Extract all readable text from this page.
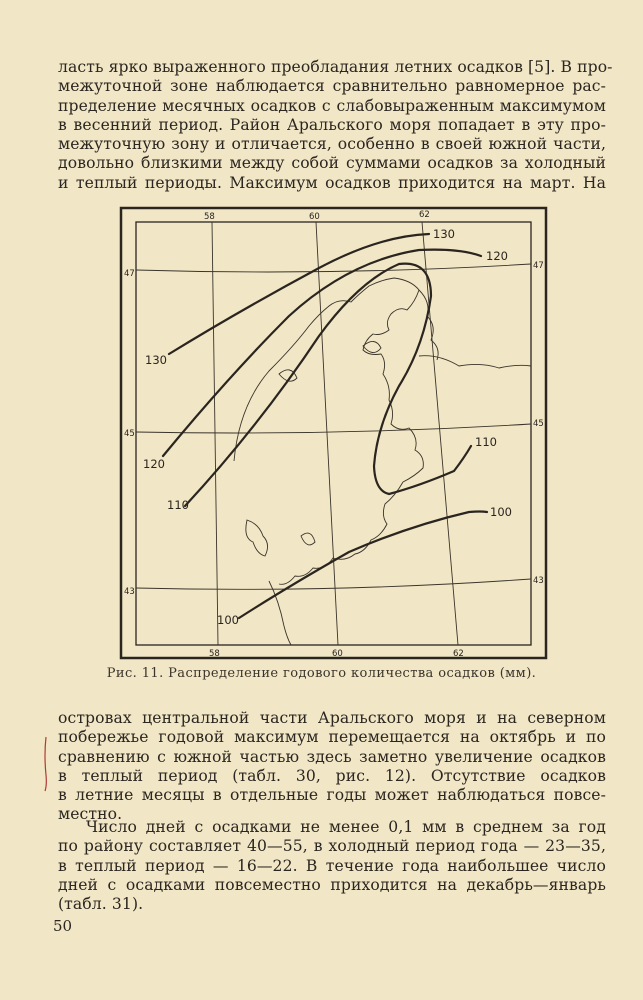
ласть ярко выраженного преобладания летних осадков [5]. В про-
межуточной зоне наблюдается сравнительно равномерное рас-
пределение месячных осадков с слабовыраженным максимумом
в весенний период. Район Аральского моря попадает в эту про-
межуточную зону и отличается, особенно в своей южной части,
довольно близкими между собой суммами осадков за холодный
и теплый периоды. Максимум осадков приходится на март. На
58	60	62
58	60	62
47
45
43
47
45
43
130
130
120
120
110
110	100
100
Рис. 11. Распределение годового количества осадков (мм).
островах центральной части Аральского моря и на северном
побережье годовой максимум перемещается на октябрь и по
сравнению с южной частью здесь заметно увеличение осадков
в теплый период (табл. 30, рис. 12). Отсутствие осадков
в летние месяцы в отдельные годы может наблюдаться повсе-
местно.
Число дней с осадками не менее 0,1 мм в среднем за год
по району составляет 40—55, в холодный период года — 23—35,
в теплый период — 16—22. В течение года наибольшее число
дней с осадками повсеместно приходится на декабрь—январь
(табл. 31).
50
